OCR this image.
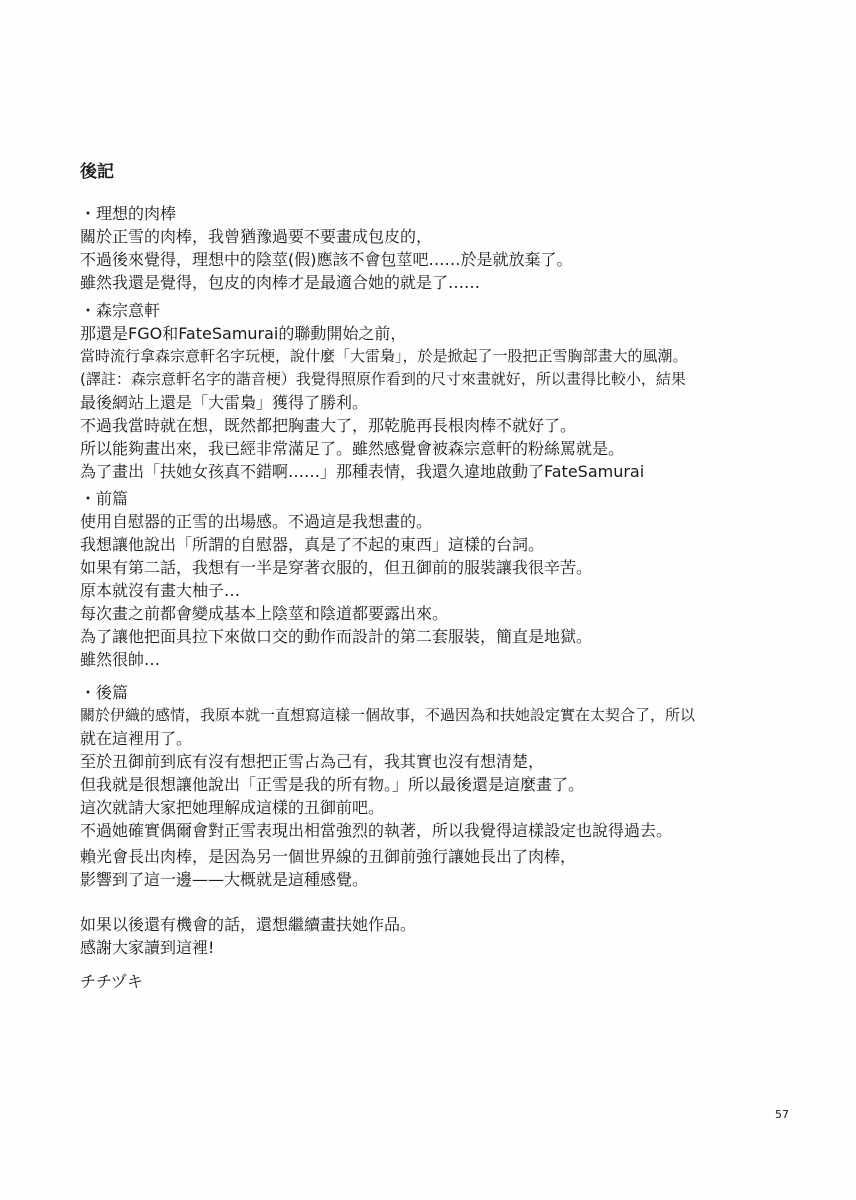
後記

・理想的肉棒

關於正雪的肉棒，我曾猶豫過要不要畫成包皮的，
不過後來覺得，理想中的陰莖(假)應該不會包莖吧……於是就放棄了。
雖然我還是覺得，包皮的肉棒才是最適合她的就是了……

・森宗意軒

那還是FGO和FateSamurai的聯動開始之前，
當時流行拿森宗意軒名字玩梗，說什麼「大雷梟」，於是掀起了一股把正雪胸部畫大的風潮。
(譯註：森宗意軒名字的諧音梗）我覺得照原作看到的尺寸來畫就好，所以畫得比較小，結果
最後網站上還是「大雷梟」獲得了勝利。
不過我當時就在想，既然都把胸畫大了，那乾脆再長根肉棒不就好了。
所以能夠畫出來，我已經非常滿足了。雖然感覺會被森宗意軒的粉絲罵就是。
為了畫出「扶她女孩真不錯啊……」那種表情，我還久違地啟動了FateSamurai

・前篇

使用自慰器的正雪的出場感。不過這是我想畫的。
我想讓他說出「所謂的自慰器，真是了不起的東西」這樣的台詞。
如果有第二話，我想有一半是穿著衣服的，但丑御前的服裝讓我很辛苦。
原本就沒有畫大柚子…
每次畫之前都會變成基本上陰莖和陰道都要露出來。
為了讓他把面具拉下來做口交的動作而設計的第二套服裝，簡直是地獄。
雖然很帥…

・後篇

關於伊織的感情，我原本就一直想寫這樣一個故事，不過因為和扶她設定實在太契合了，所以
就在這裡用了。
至於丑御前到底有沒有想把正雪占為己有，我其實也沒有想清楚，
但我就是很想讓他說出「正雪是我的所有物。」所以最後還是這麼畫了。
這次就請大家把她理解成這樣的丑御前吧。
不過她確實偶爾會對正雪表現出相當強烈的執著，所以我覺得這樣設定也說得過去。
賴光會長出肉棒，是因為另一個世界線的丑御前強行讓她長出了肉棒，
影響到了這一邊——大概就是這種感覺。
如果以後還有機會的話，還想繼續畫扶她作品。
感謝大家讀到這裡!

チチヅキ

57
